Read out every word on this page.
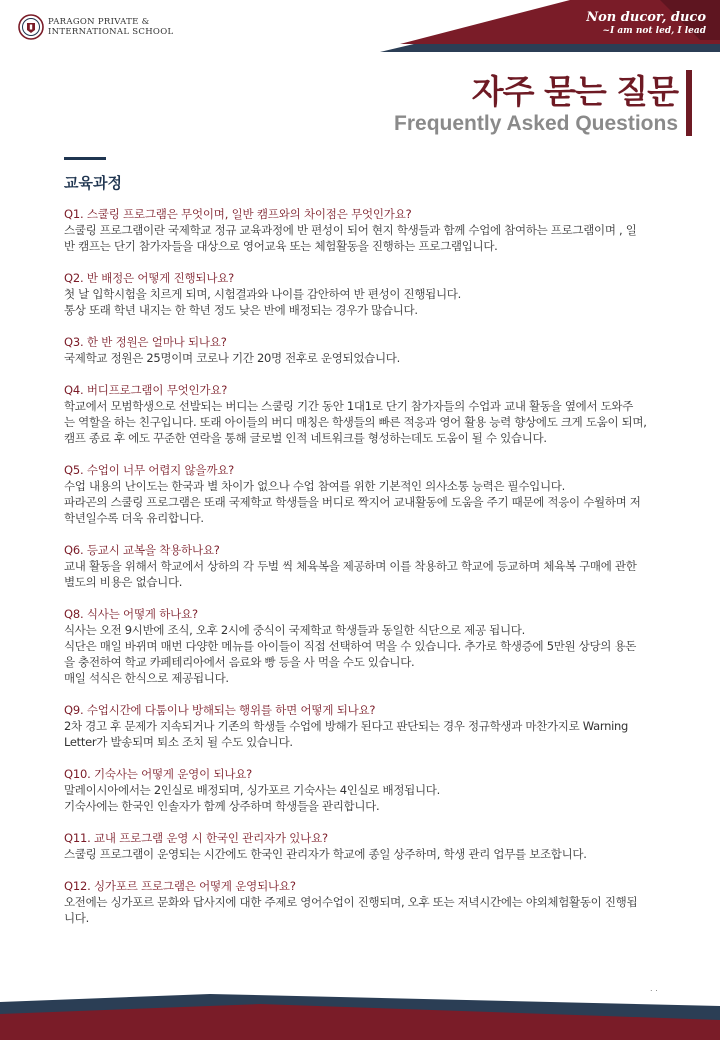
PARAGON PRIVATE &
INTERNATIONAL SCHOOL
Non ducor, duco
~I am not led, I lead
자주 묻는 질문
Frequently Asked Questions
교육과정
Q1. 스쿨링 프로그램은 무엇이며, 일반 캠프와의 차이점은 무엇인가요?
스쿨링 프로그램이란 국제학교 정규 교육과정에 반 편성이 되어 현지 학생들과 함께 수업에 참여하는 프로그램이며 , 일
반 캠프는 단기 참가자들을 대상으로 영어교육 또는 체험활동을 진행하는 프로그램입니다.
Q2. 반 배정은 어떻게 진행되나요?
첫 날 입학시험을 치르게 되며, 시험결과와 나이를 감안하여 반 편성이 진행됩니다.
통상 또래 학년 내지는 한 학년 정도 낮은 반에 배정되는 경우가 많습니다.
Q3. 한 반 정원은 얼마나 되나요?
국제학교 정원은 25명이며 코로나 기간 20명 전후로 운영되었습니다.
Q4. 버디프로그램이 무엇인가요?
학교에서 모범학생으로 선발되는 버디는 스쿨링 기간 동안 1대1로 단기 참가자들의 수업과 교내 활동을 옆에서 도와주
는 역할을 하는 친구입니다. 또래 아이들의 버디 매칭은 학생들의 빠른 적응과 영어 활용 능력 향상에도 크게 도움이 되며,
캠프 종료 후 에도 꾸준한 연락을 통해 글로벌 인적 네트워크를 형성하는데도 도움이 될 수 있습니다.
Q5. 수업이 너무 어렵지 않을까요?
수업 내용의 난이도는 한국과 별 차이가 없으나 수업 참여를 위한 기본적인 의사소통 능력은 필수입니다.
파라곤의 스쿨링 프로그램은 또래 국제학교 학생들을 버디로 짝지어 교내활동에 도움을 주기 때문에 적응이 수월하며 저
학년일수록 더욱 유리합니다.
Q6. 등교시 교복을 착용하나요?
교내 활동을 위해서 학교에서 상하의 각 두벌 씩 체육복을 제공하며 이를 착용하고 학교에 등교하며 체육복 구매에 관한
별도의 비용은 없습니다.
Q8. 식사는 어떻게 하나요?
식사는 오전 9시반에 조식, 오후 2시에 중식이 국제학교 학생들과 동일한 식단으로 제공 됩니다.
식단은 매일 바뀌며 매번 다양한 메뉴를 아이들이 직접 선택하여 먹을 수 있습니다. 추가로 학생증에 5만원 상당의 용돈
을 충전하여 학교 카페테리아에서 음료와 빵 등을 사 먹을 수도 있습니다.
매일 석식은 한식으로 제공됩니다.
Q9. 수업시간에 다툼이나 방해되는 행위를 하면 어떻게 되나요?
2차 경고 후 문제가 지속되거나 기존의 학생들 수업에 방해가 된다고 판단되는 경우 정규학생과 마찬가지로 Warning
Letter가 발송되며 퇴소 조치 될 수도 있습니다.
Q10. 기숙사는 어떻게 운영이 되나요?
말레이시아에서는 2인실로 배정되며, 싱가포르 기숙사는 4인실로 배정됩니다.
기숙사에는 한국인 인솔자가 함께 상주하며 학생들을 관리합니다.
Q11. 교내 프로그램 운영 시 한국인 관리자가 있나요?
스쿨링 프로그램이 운영되는 시간에도 한국인 관리자가 학교에 종일 상주하며, 학생 관리 업무를 보조합니다.
Q12. 싱가포르 프로그램은 어떻게 운영되나요?
오전에는 싱가포르 문화와 답사지에 대한 주제로 영어수업이 진행되며, 오후 또는 저녁시간에는 야외체험활동이 진행됩
니다.
. .
